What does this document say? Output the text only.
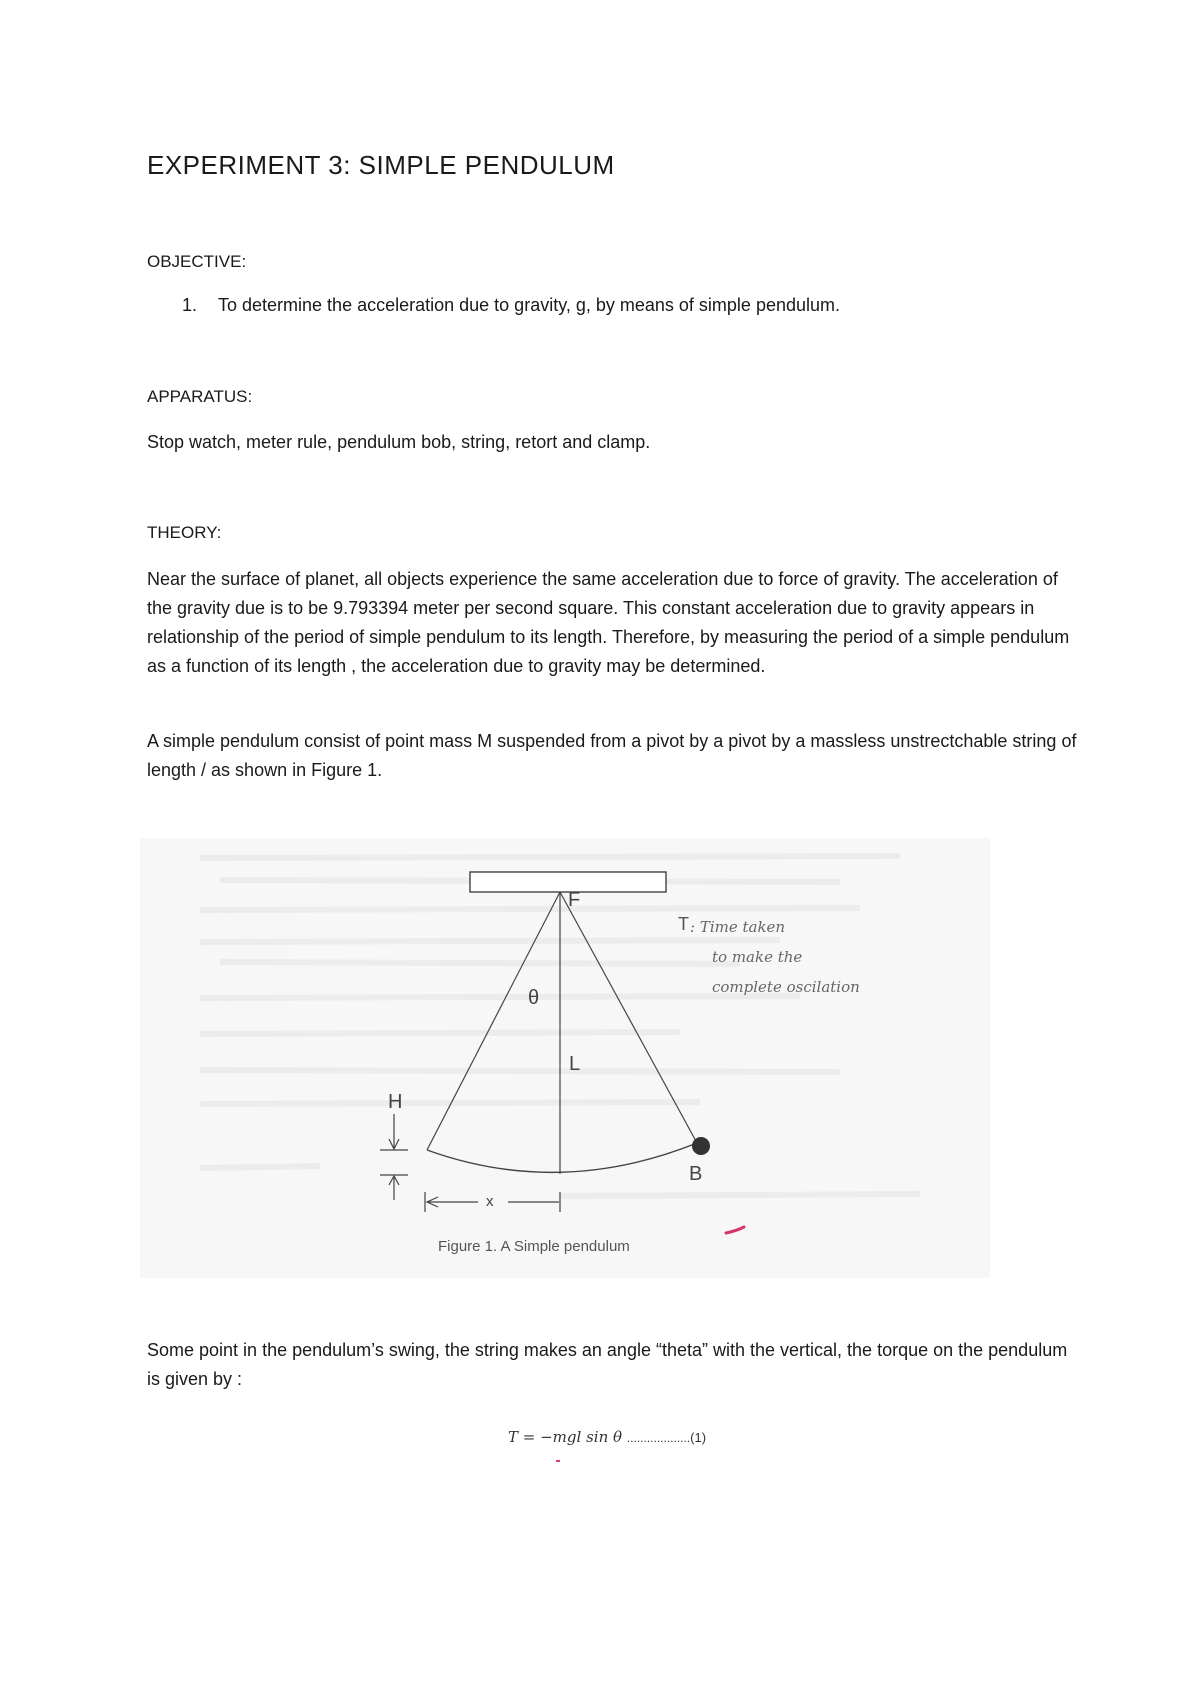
EXPERIMENT 3: SIMPLE PENDULUM
OBJECTIVE:
1. To determine the acceleration due to gravity, g, by means of simple pendulum.
APPARATUS:

Stop watch, meter rule, pendulum bob, string, retort and clamp.

THEORY:

Near the surface of planet, all objects experience the same acceleration due to force of gravity. The acceleration of the gravity due is to be 9.793394 meter per second square. This constant acceleration due to gravity appears in relationship of the period of simple pendulum to its length. Therefore, by measuring the period of a simple pendulum as a function of its length , the acceleration due to gravity may be determined.

A simple pendulum consist of point mass M suspended from a pivot by a pivot by a massless unstrectchable string of length / as shown in Figure 1.

F
θ
L
H
B
x
T : Time taken
to make the
complete oscilation
Figure 1. A Simple pendulum

Some point in the pendulum’s swing, the string makes an angle “theta” with the vertical, the torque on the pendulum is given by :

T = −mgl sin θ ...................(1)
